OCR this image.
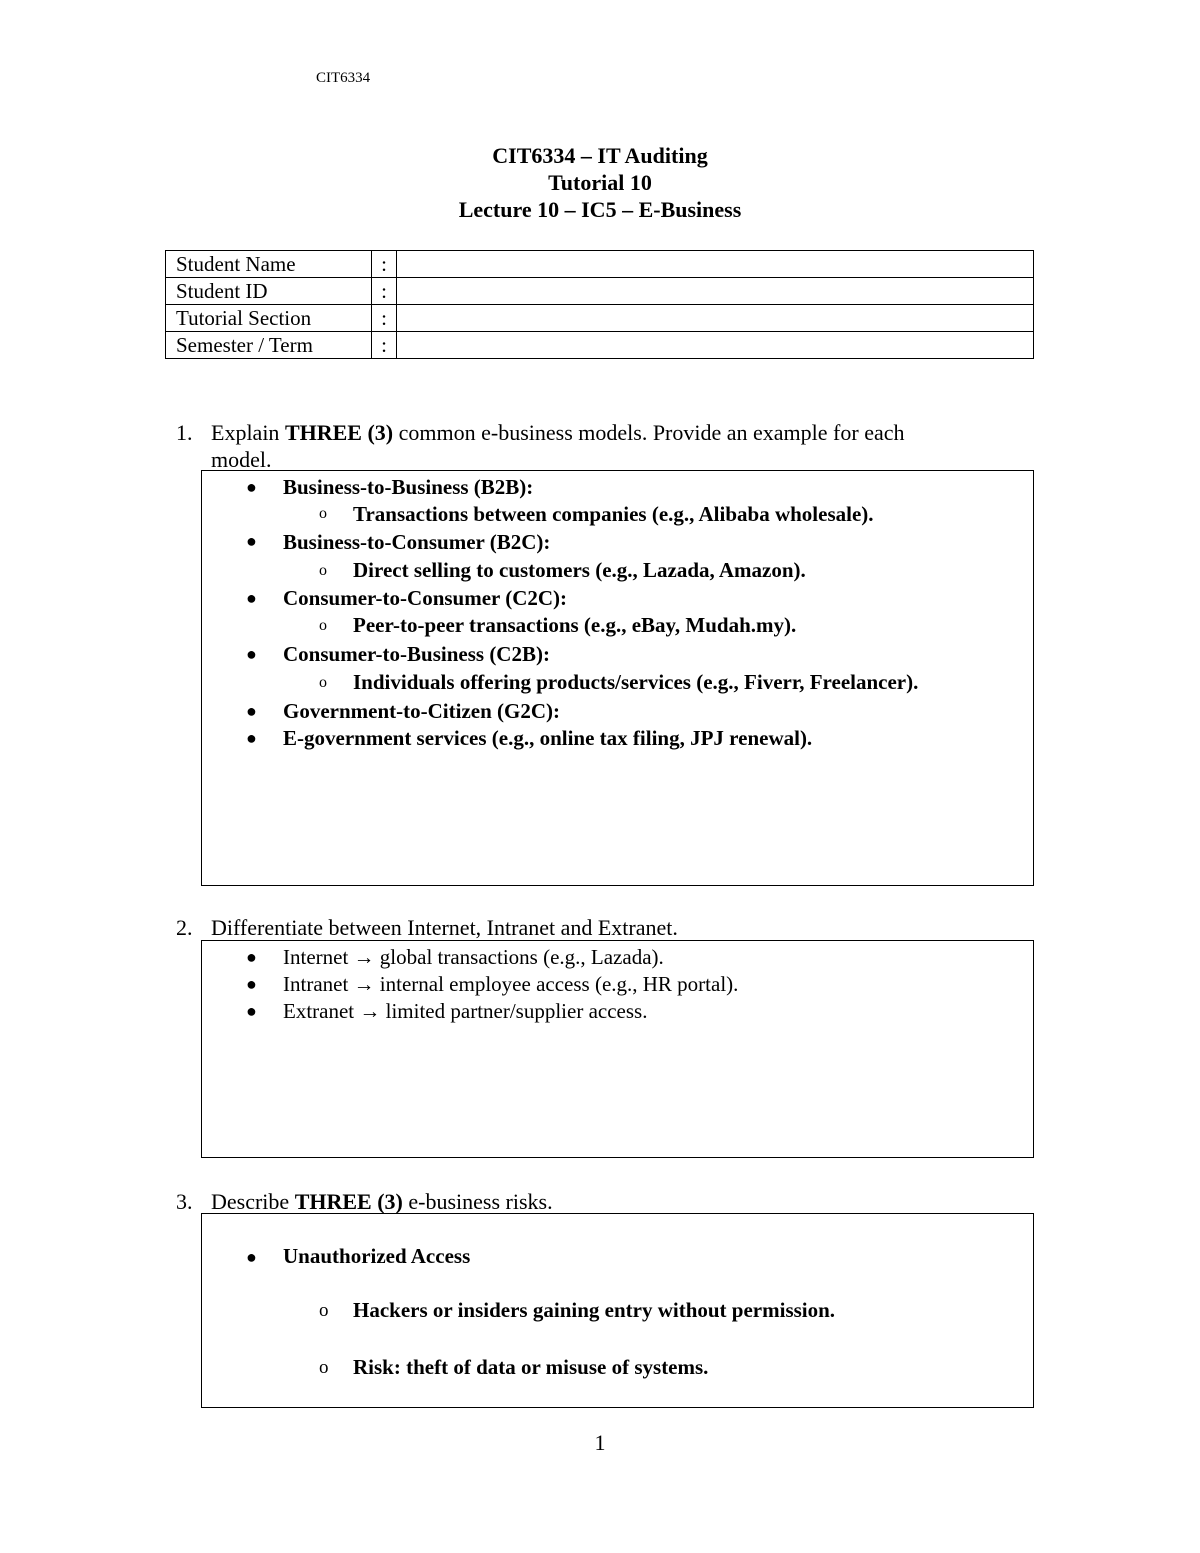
CIT6334
CIT6334 – IT Auditing
Tutorial 10
Lecture 10 – IC5 – E-Business
Student Name	:	
Student ID	:	
Tutorial Section	:	
Semester / Term	:	
1. Explain THREE (3) common e-business models. Provide an example for each
model.
● Business-to-Business (B2B):
o Transactions between companies (e.g., Alibaba wholesale).
● Business-to-Consumer (B2C):
o Direct selling to customers (e.g., Lazada, Amazon).
● Consumer-to-Consumer (C2C):
o Peer-to-peer transactions (e.g., eBay, Mudah.my).
● Consumer-to-Business (C2B):
o Individuals offering products/services (e.g., Fiverr, Freelancer).
● Government-to-Citizen (G2C):
● E-government services (e.g., online tax filing, JPJ renewal).
2. Differentiate between Internet, Intranet and Extranet.
● Internet → global transactions (e.g., Lazada).
● Intranet → internal employee access (e.g., HR portal).
● Extranet → limited partner/supplier access.
3. Describe THREE (3) e-business risks.
● Unauthorized Access
o Hackers or insiders gaining entry without permission.
o Risk: theft of data or misuse of systems.
1
